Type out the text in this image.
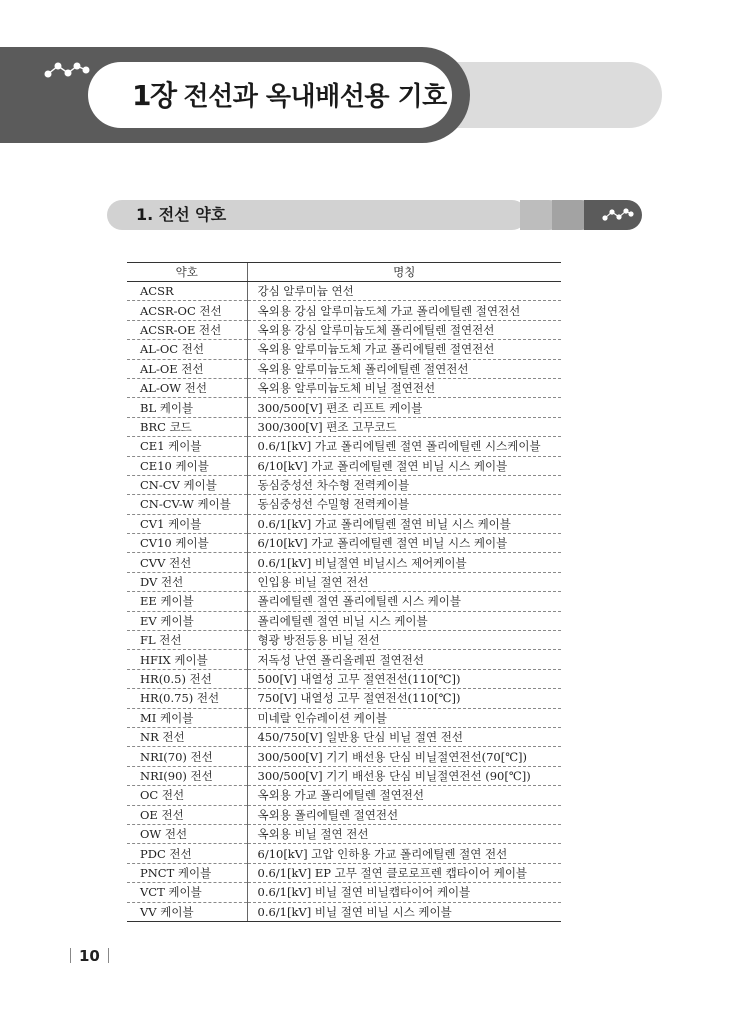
1장 전선과 옥내배선용 기호
1. 전선 약호
약호	명칭
ACSR	강심 알루미늄 연선
ACSR-OC 전선	옥외용 강심 알루미늄도체 가교 폴리에틸렌 절연전선
ACSR-OE 전선	옥외용 강심 알루미늄도체 폴리에틸렌 절연전선
AL-OC 전선	옥외용 알루미늄도체 가교 폴리에틸렌 절연전선
AL-OE 전선	옥외용 알루미늄도체 폴리에틸렌 절연전선
AL-OW 전선	옥외용 알루미늄도체 비닐 절연전선
BL 케이블	300/500[V] 편조 리프트 케이블
BRC 코드	300/300[V] 편조 고무코드
CE1 케이블	0.6/1[kV] 가교 폴리에틸렌 절연 폴리에틸렌 시스케이블
CE10 케이블	6/10[kV] 가교 폴리에틸렌 절연 비닐 시스 케이블
CN-CV 케이블	동심중성선 차수형 전력케이블
CN-CV-W 케이블	동심중성선 수밀형 전력케이블
CV1 케이블	0.6/1[kV] 가교 폴리에틸렌 절연 비닐 시스 케이블
CV10 케이블	6/10[kV] 가교 폴리에틸렌 절연 비닐 시스 케이블
CVV 전선	0.6/1[kV] 비닐절연 비닐시스 제어케이블
DV 전선	인입용 비닐 절연 전선
EE 케이블	폴리에틸렌 절연 폴리에틸렌 시스 케이블
EV 케이블	폴리에틸렌 절연 비닐 시스 케이블
FL 전선	형광 방전등용 비닐 전선
HFIX 케이블	저독성 난연 폴리올레핀 절연전선
HR(0.5) 전선	500[V] 내열성 고무 절연전선(110[℃])
HR(0.75) 전선	750[V] 내열성 고무 절연전선(110[℃])
MI 케이블	미네랄 인슈레이션 케이블
NR 전선	450/750[V] 일반용 단심 비닐 절연 전선
NRI(70) 전선	300/500[V] 기기 배선용 단심 비닐절연전선(70[℃])
NRI(90) 전선	300/500[V] 기기 배선용 단심 비닐절연전선 (90[℃])
OC 전선	옥외용 가교 폴리에틸렌 절연전선
OE 전선	옥외용 폴리에틸렌 절연전선
OW 전선	옥외용 비닐 절연 전선
PDC 전선	6/10[kV] 고압 인하용 가교 폴리에틸렌 절연 전선
PNCT 케이블	0.6/1[kV] EP 고무 절연 클로로프렌 캡타이어 케이블
VCT 케이블	0.6/1[kV] 비닐 절연 비닐캡타이어 케이블
VV 케이블	0.6/1[kV] 비닐 절연 비닐 시스 케이블
10
